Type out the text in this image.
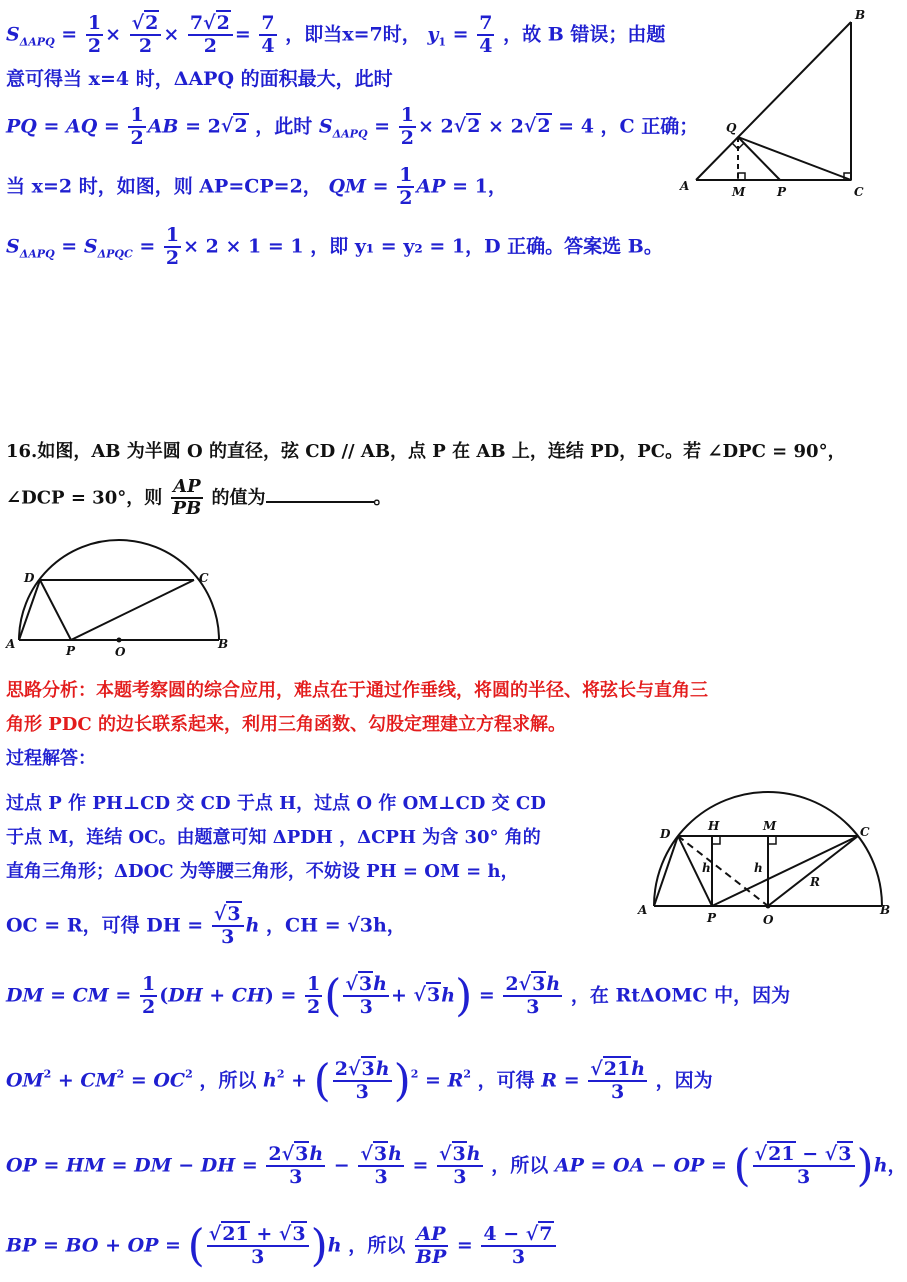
$S_{\Delta APQ} = \frac{1}{2} \times \frac{√2}{2} \times \frac{7√2}{2} = \frac{7}{4}$ ，即当x=7时， $y_1 = \frac{7}{4}$ ，故 B 错误；由题
意可得当 x=4 时，ΔAPQ 的面积最大，此时
PQ = AQ = $\frac{1}{2}$ AB = 2√2 ，此时 $S_{\Delta APQ} = \frac{1}{2} \times 2√2 \times 2√2 = 4$ ，C 正确；
当 x=2 时，如图，则 AP=CP=2， QM = $\frac{1}{2}$ AP = 1，
$S_{\Delta APQ} = S_{\Delta PQC} = \frac{1}{2} \times 2 \times 1 = 1$ ，即 y₁ = y₂ = 1，D 正确。答案选 B。
B
Q
A	M	P	C
16.如图，AB 为半圆 O 的直径，弦 CD // AB，点 P 在 AB 上，连结 PD，PC。若 ∠DPC = 90°，
∠DCP = 30°，则 $\frac{AP}{PB}$ 的值为	。
D	C
A	P	O
B
思路分析：本题考察圆的综合应用，难点在于通过作垂线，将圆的半径、将弦长与直角三
角形 PDC 的边长联系起来，利用三角函数、勾股定理建立方程求解。
过程解答：
过点 P 作 PH⊥CD 交 CD 于点 H，过点 O 作 OM⊥CD 交 CD
于点 M，连结 OC。由题意可知 ΔPDH ，ΔCPH 为含 30° 角的
直角三角形；ΔDOC 为等腰三角形，不妨设 PH = OM = h，
OC = R，可得 DH = $\frac{√3}{3}$ h ，CH = √3h，
DM = CM = $\frac{1}{2} (DH + CH) = \frac{1}{2}$ ( $\frac{√3h}{3} + √3h) = \frac{2√3h}{3}$ ，在 RtΔOMC 中，因为
$OM^2 + CM^2 = OC^2$ ，所以 $h^2$ + ( $\frac{2√3h}{3} )^2 = R^2$ ，可得 $R = \frac{√21h}{3}$ ，因为
OP = HM = DM − DH = $\frac{2√3h}{3} - \frac{√3h}{3} = \frac{√3h}{3}$ ，所以 AP = OA − OP = ( $\frac{√21 - √3}{3} )h$，
BP = BO + OP = ( $\frac{√21 + √3}{3} )h$ ，所以 $\frac{AP}{BP} = \frac{4 - √7}{3}$
D
H	M	C
h	h
R
A
P	O
B
